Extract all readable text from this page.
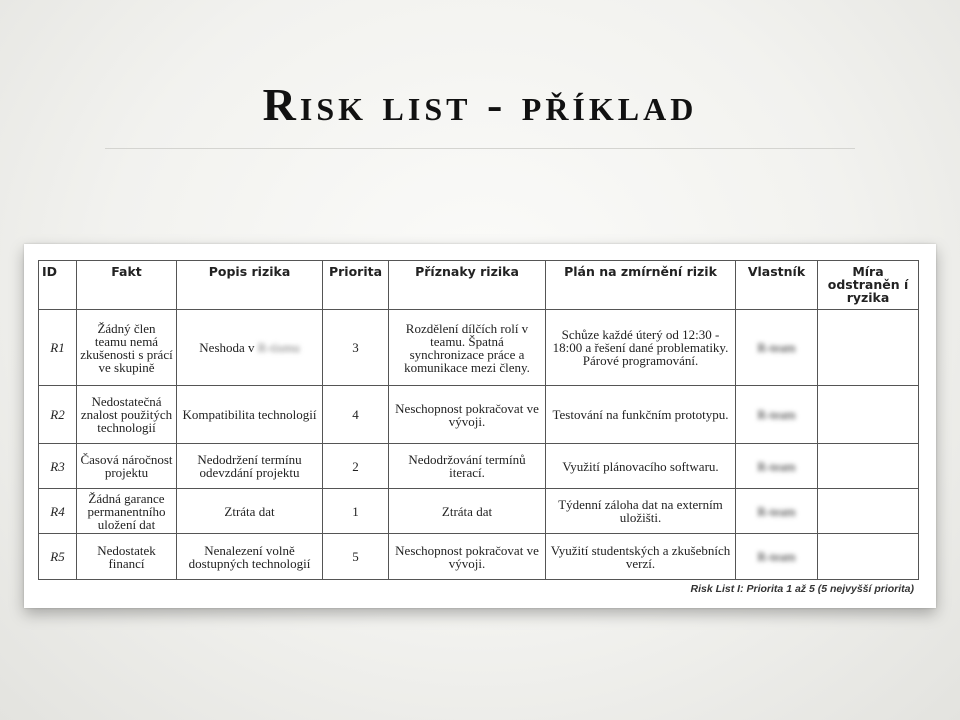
Risk list - příklad
ID	Fakt	Popis rizika	Priorita	Příznaky rizika	Plán na zmírnění rizik	Vlastník	Míra odstraněn í ryzika
R1	Žádný člen teamu nemá zkušenosti s prácí ve skupině	Neshoda v R-tismu	3	Rozdělení dílčích rolí v teamu. Špatná synchronizace práce a komunikace mezi členy.	Schůze každé úterý od 12:30 - 18:00 a řešení dané problematiky. Párové programování.	R-team	
R2	Nedostatečná znalost použitých technologií	Kompatibilita technologií	4	Neschopnost pokračovat ve vývoji.	Testování na funkčním prototypu.	R-team	
R3	Časová náročnost projektu	Nedodržení termínu odevzdání projektu	2	Nedodržování termínů iterací.	Využití plánovacího softwaru.	R-team	
R4	Žádná garance permanentního uložení dat	Ztráta dat	1	Ztráta dat	Týdenní záloha dat na externím uložišti.	R-team	
R5	Nedostatek financí	Nenalezení volně dostupných technologií	5	Neschopnost pokračovat ve vývoji.	Využití studentských a zkušebních verzí.	R-team	
Risk List I: Priorita 1 až 5 (5 nejvyšší priorita)
